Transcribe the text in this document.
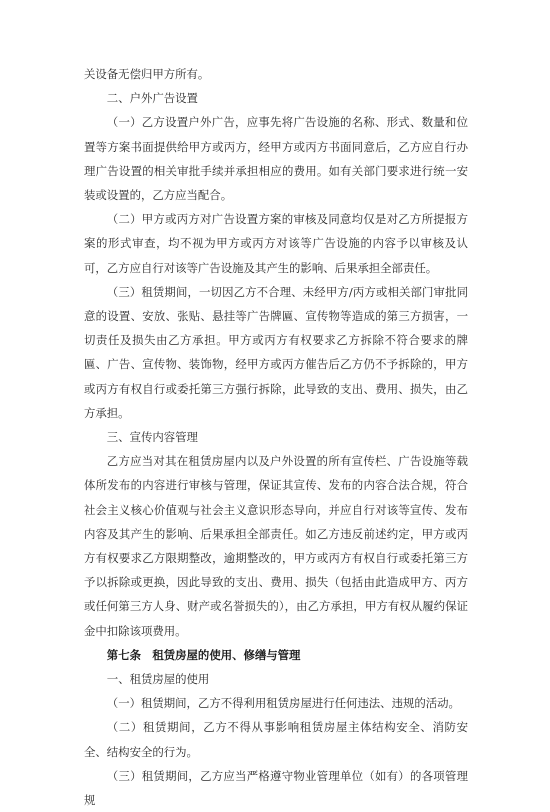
关设备无偿归甲方所有。

二、户外广告设置

（一）乙方设置户外广告，应事先将广告设施的名称、形式、数量和位置等方案书面提供给甲方或丙方，经甲方或丙方书面同意后，乙方应自行办理广告设置的相关审批手续并承担相应的费用。如有关部门要求进行统一安装或设置的，乙方应当配合。

（二）甲方或丙方对广告设置方案的审核及同意均仅是对乙方所提报方案的形式审查，均不视为甲方或丙方对该等广告设施的内容予以审核及认可，乙方应自行对该等广告设施及其产生的影响、后果承担全部责任。

（三）租赁期间，一切因乙方不合理、未经甲方/丙方或相关部门审批同意的设置、安放、张贴、悬挂等广告牌匾、宣传物等造成的第三方损害，一切责任及损失由乙方承担。甲方或丙方有权要求乙方拆除不符合要求的牌匾、广告、宣传物、装饰物，经甲方或丙方催告后乙方仍不予拆除的，甲方或丙方有权自行或委托第三方强行拆除，此导致的支出、费用、损失，由乙方承担。

三、宣传内容管理

乙方应当对其在租赁房屋内以及户外设置的所有宣传栏、广告设施等载体所发布的内容进行审核与管理，保证其宣传、发布的内容合法合规，符合社会主义核心价值观与社会主义意识形态导向，并应自行对该等宣传、发布内容及其产生的影响、后果承担全部责任。如乙方违反前述约定，甲方或丙方有权要求乙方限期整改，逾期整改的，甲方或丙方有权自行或委托第三方予以拆除或更换，因此导致的支出、费用、损失（包括由此造成甲方、丙方或任何第三方人身、财产或名誉损失的），由乙方承担，甲方有权从履约保证金中扣除该项费用。

第七条　租赁房屋的使用、修缮与管理

一、租赁房屋的使用

（一）租赁期间，乙方不得利用租赁房屋进行任何违法、违规的活动。

（二）租赁期间，乙方不得从事影响租赁房屋主体结构安全、消防安全、结构安全的行为。

（三）租赁期间，乙方应当严格遵守物业管理单位（如有）的各项管理规
